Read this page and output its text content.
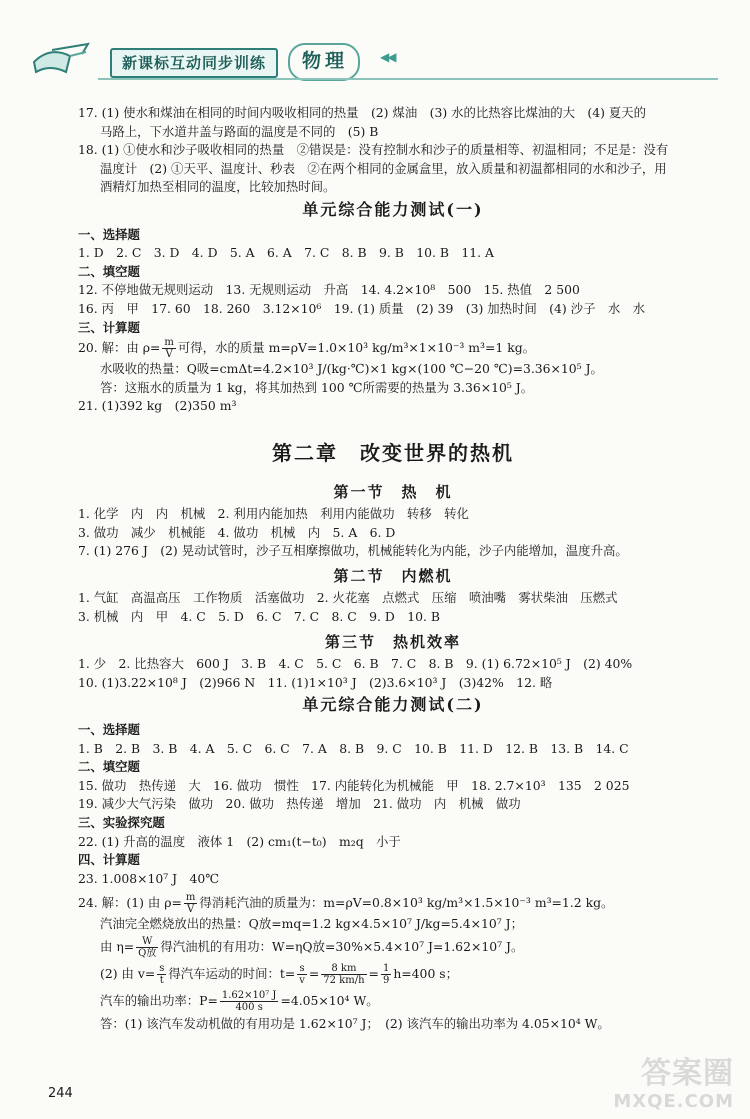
新课标互动同步训练	物理	◀◀

17. (1) 使水和煤油在相同的时间内吸收相同的热量　(2) 煤油　(3) 水的比热容比煤油的大　(4) 夏天的

马路上，下水道井盖与路面的温度是不同的　(5) B

18. (1) ①使水和沙子吸收相同的热量　②错误是：没有控制水和沙子的质量相等、初温相同；不足是：没有

温度计　(2) ①天平、温度计、秒表　②在两个相同的金属盒里，放入质量和初温都相同的水和沙子，用

酒精灯加热至相同的温度，比较加热时间。

单元综合能力测试(一)

一、选择题

1. D　2. C　3. D　4. D　5. A　6. A　7. C　8. B　9. B　10. B　11. A

二、填空题

12. 不停地做无规则运动　13. 无规则运动　升高　14. 4.2×10⁸　500　15. 热值　2 500

16. 丙　甲　17. 60　18. 260　3.12×10⁶　19. (1) 质量　(2) 39　(3) 加热时间　(4) 沙子　水　水

三、计算题

20. 解：由 $\rho= \frac{m}{V}$ 可得，水的质量 m=ρV=1.0×10³ kg/m³×1×10⁻³ m³=1 kg。

水吸收的热量：Q吸=cmΔt=4.2×10³ J/(kg·℃)×1 kg×(100 ℃−20 ℃)=3.36×10⁵ J。

答：这瓶水的质量为 1 kg，将其加热到 100 ℃所需要的热量为 3.36×10⁵ J。

21. (1)392 kg　(2)350 m³

第二章　改变世界的热机

第一节　热　机

1. 化学　内　内　机械　2. 利用内能加热　利用内能做功　转移　转化

3. 做功　减少　机械能　4. 做功　机械　内　5. A　6. D

7. (1) 276 J　(2) 晃动试管时，沙子互相摩擦做功，机械能转化为内能，沙子内能增加，温度升高。

第二节　内燃机

1. 气缸　高温高压　工作物质　活塞做功　2. 火花塞　点燃式　压缩　喷油嘴　雾状柴油　压燃式

3. 机械　内　甲　4. C　5. D　6. C　7. C　8. C　9. D　10. B

第三节　热机效率

1. 少　2. 比热容大　600 J　3. B　4. C　5. C　6. B　7. C　8. B　9. (1) 6.72×10⁵ J　(2) 40%

10. (1)3.22×10⁸ J　(2)966 N　11. (1)1×10³ J　(2)3.6×10³ J　(3)42%　12. 略

单元综合能力测试(二)

一、选择题

1. B　2. B　3. B　4. A　5. C　6. C　7. A　8. B　9. C　10. B　11. D　12. B　13. B　14. C

二、填空题

15. 做功　热传递　大　16. 做功　惯性　17. 内能转化为机械能　甲　18. 2.7×10³　135　2 025

19. 减少大气污染　做功　20. 做功　热传递　增加　21. 做功　内　机械　做功

三、实验探究题

22. (1) 升高的温度　液体 1　(2) cm₁(t−t₀)　m₂q　小于

四、计算题

23. 1.008×10⁷ J　40℃

24. 解：(1) 由 $\rho= \frac{m}{V}$ 得消耗汽油的质量为：m=ρV=0.8×10³ kg/m³×1.5×10⁻³ m³=1.2 kg。

汽油完全燃烧放出的热量：Q放=mq=1.2 kg×4.5×10⁷ J/kg=5.4×10⁷ J；

由 $\eta= \frac{W}{\text{Q放}}$ 得汽油机的有用功：W=ηQ放=30%×5.4×10⁷ J=1.62×10⁷ J。

(2) 由 $v= \frac{s}{t}$ 得汽车运动的时间：$t= \frac{s}{v} = \frac{8 km}{72 km/h} = \frac{1}{9} h=400$ s；

汽车的输出功率：$P= \frac{\text{1.62×10⁷ J}}{400 s} =4.05\times 10^4$ W。

答：(1) 该汽车发动机做的有用功是 1.62×10⁷ J；　(2) 该汽车的输出功率为 4.05×10⁴ W。

244
答案圈
MXQE.COM
